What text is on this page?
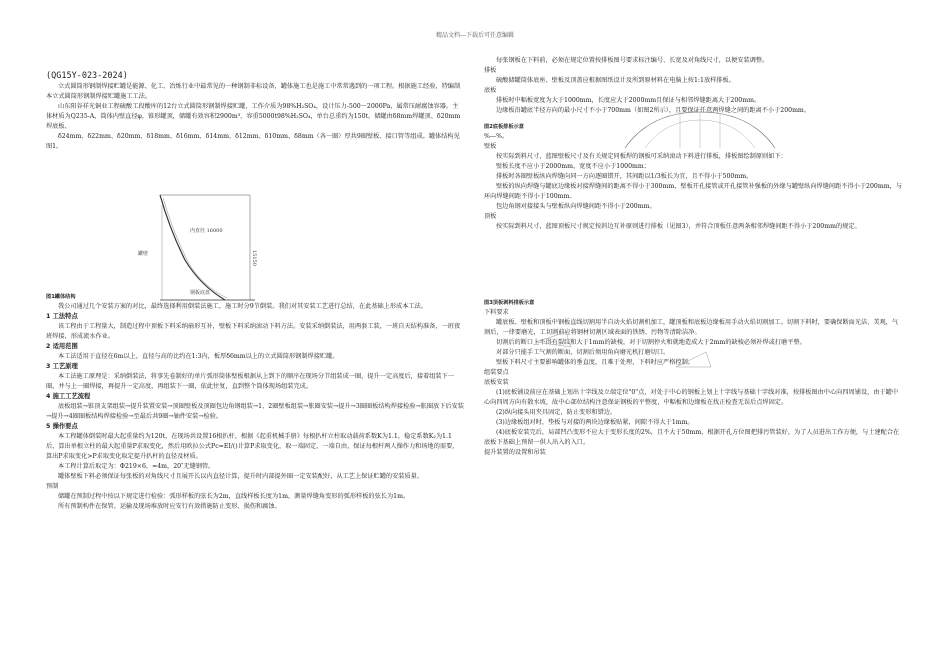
精品文档---下载后可任意编辑

(QG15Y-023-2024)

立式圆筒形钢制焊接贮罐是能源、化工、冶炼行业中最常见的一种钢制非标设备，罐体施工也是施工中常常遇到的一项工程。根据施工经验，特编制本立式圆筒形钢制焊接贮罐施工工法。

山东阳谷祥光铜业工程硫酸工段酸库的12台立式圆筒形钢制焊接贮罐，工作介质为98%H₂SO₄，设计压力-500～2000Pa，属常压耐腐蚀容器。主体材质为Q235-A，筒体内壁直径φ，锥形罐顶，储罐有效容积2900m³，容重5000t98%H₂SO₄，单台总重约为150t。储罐由δ8mm焊罐顶、δ20mm焊底板、

δ24mm、δ22mm、δ20mm、δ18mm、δ16mm、δ14mm、δ12mm、δ10mm、δ8mm（各一圈）厚共9圈壁板、接口管等组成。罐体结构见图1。

图1罐体结构

我公司通过几个安装方案的对比，最终选择利用倒装法施工，施工时分9节倒装。我们对其安装工艺进行总结，在此基础上形成本工法。

1 工法特点

该工程由于工程量大，制造过程中顶板下料采纳扇形互补，壁板下料采纳滚动下料方法。安装采纳倒装法，用两套工装，一班自天结构准备，一班夜班焊接，形成流水作业。

2 适用范围

本工法适用于直径在6m以上，直径与高的比约在1:3内，板厚δ6mm以上的立式圆筒形钢制焊接贮罐。

3 工艺原理

本工法施工原理是：采纳倒装法，将事先卷制好的单片弧形筒体壁板根据从上到下的顺序在现场分节组装成一圈，提升一定高度后，接着组装下一圈，并与上一圈焊接，再提升一定高度，再组装下一圈，依此往复，直到整个筒体现场组装完成。

4 施工工艺流程

底板组装→锥顶支架组装→提升装置安装→顶圈壁板及顶圈包边角钢组装→1、2圈壁板组装→胀圈安装→提升→3圈圈板结构焊接检验→胀圈放下后安装→提升→4圈圈板结构焊接检验→至最后共9圈→轴件安装→检验。

5 操作要点

本工程罐体倒装时最大起重量约为120t，在现场共设置16根扒杆，根据《起重机械手册》每根扒杆立柱取动载荷系数K为1.1，稳定系数K₂为1.1后，算出单根立柱的最大起重量P求取变化，然后用欧拉公式Pc=EI/()计算P求取变化，取一端固定，一端自由，保证每根杆两人操作力和场地的需要，算出P求取变化>P求取变化取定提升扒杆的直径及材质。

本工程计算后取定为：Φ219×6，=4m，20″无缝钢管。

罐体壁板下料必须保证每张板的对角线尺寸且展开长以内直径计算，提升时内部提外圈一定安装配好，从工艺上保证贮罐的安装质量。

预制

储罐在预制过程中按以下规定进行检验：弧形样板的弦长为2m，直线样板长度为1m，测量焊缝角变形的弧形样板的弦长为1m。

所有预制构件在保管、运输及现场堆放时应安行有效措施防止变形、损伤和腐蚀。

内直径 16000
罐壁
钢板底盘
15150

每张钢板在下料前，必须在规定位置按排板图号要求标注编号、长宽及对角线尺寸，以便安装调整。

排板

硫酸储罐筒体底座、壁板及顶盖应根据图纸设计及所到原材料在电脑上按1:1放样排板。

底板

排板时中幅板宽度为大于1000mm，长度应大于2000mm且保证与相邻焊缝距离大于200mm。

边缘板沿罐底半径方向的最小尺寸不小于700mm（如图2所示），且要保证任意两焊缝之间的距离不小于200mm。

图2底板排板示意

%—%。

壁板

按实际到料尺寸，蓝图壁板尺寸及有关规定同板焊的钢板可采纳滚动下料进行排板，排板图绘制原则如下：

壁板长度不应小于2000mm，宽度不应小于1000mm；

排板时各圈壁板纵向焊缝向同一方向逐圈错开，其间距以1/3板长为宜，且不得小于500mm。

壁板的纵向焊缝与罐底边缘板对接焊缝间的距离不得小于300mm，壁板开孔接管或开孔接管补强板的外缘与罐壁纵向焊缝间距不得小于200mm，与环向焊缝间距不得小于100mm。

包边角钢对接接头与壁板纵向焊缝间距不得小于200mm。

顶板

按实际到料尺寸，蓝图顶板尺寸规定按斜边互补原则进行排板（见图3），并符合顶板任意两条相邻焊缝间距不得小于200mm的规定。

图3顶板剥料排板示意

下料要求

罐底板、壁板和顶板中钢板直线切割用半自动火焰切割机加工，罐顶板和底板边缘板用手动火焰切割加工。切割下料时，要确保断面光洁、美观，气割后，一律要磨光，工切割前应将钢材切割区域表面的铁锈、污物等清除洁净。

切割后的断口上不得有裂纹和大于1mm的缺棱，对于切割停火和就地造成大于2mm的缺棱必须补焊或打磨平整。

对部分只能手工气割的断面，切割后须用角向磨光机打磨切口。

壁板下料尺寸主要影响罐体的垂直度，且难于处理，下料时应严格控制。

组装要点

底板安装

(1)底板铺设前应在基础上划出十字线及立端定位"0"点，对处于中心的钢板上划上十字线与基础十字线对准，按排板图由中心向四周铺设，由于罐中心向四周方向有散水坡，故中心部位结构注意保证钢板的平整度，中幅板和边缘板在找正检查无误后点焊固定。

(2)纵向接头用夹具固定，防止变形和错边。

(3)边缘板组对时，垫板与对接的两块边缘板贴紧，间隙不得大于1mm。

(4)底板安装完后，局部凹凸变形不应大于变形长度的2%，且不大于50mm，根据开孔方位图把排污管装好，为了人员进出工作方便，与土建配合在底板下基础上预留一供人出入的入口。

提升装置的设置和吊装
